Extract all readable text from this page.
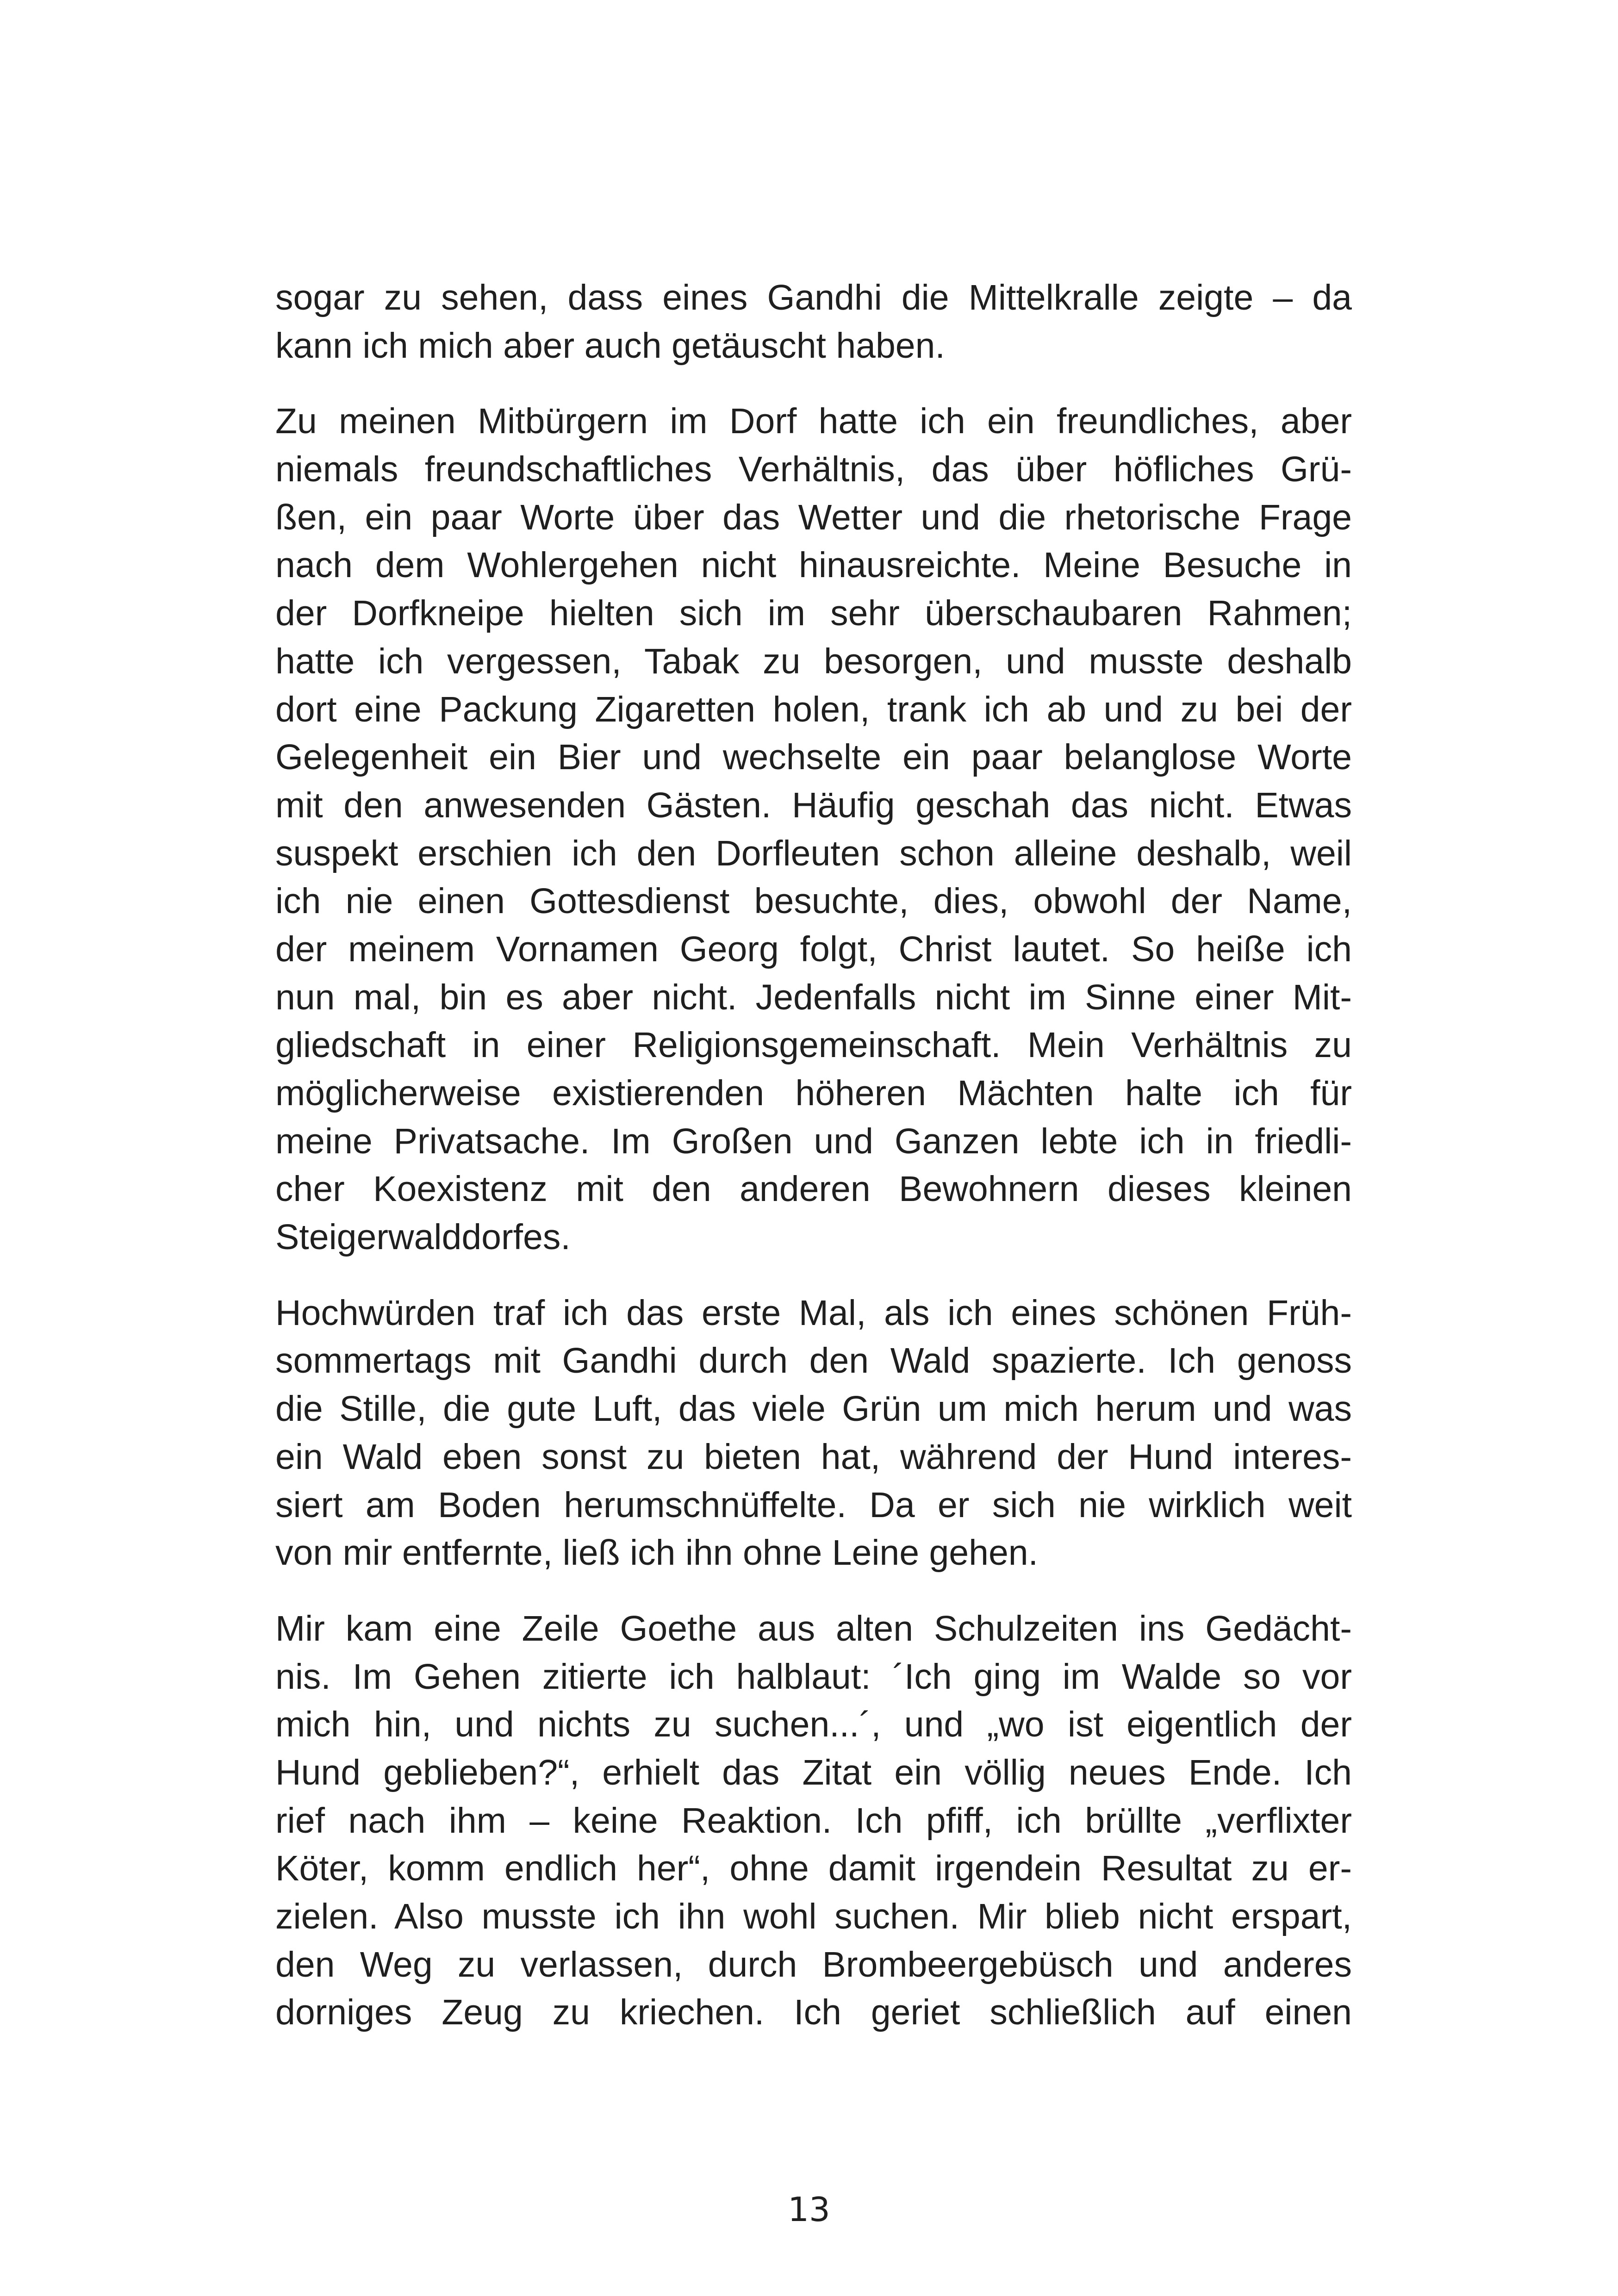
sogar zu sehen, dass eines Gandhi die Mittelkralle zeigte – da
kann ich mich aber auch getäuscht haben.
Zu meinen Mitbürgern im Dorf hatte ich ein freundliches, aber
niemals freundschaftliches Verhältnis, das über höfliches Grü-
ßen, ein paar Worte über das Wetter und die rhetorische Frage
nach dem Wohlergehen nicht hinausreichte. Meine Besuche in
der Dorfkneipe hielten sich im sehr überschaubaren Rahmen;
hatte ich vergessen, Tabak zu besorgen, und musste deshalb
dort eine Packung Zigaretten holen, trank ich ab und zu bei der
Gelegenheit ein Bier und wechselte ein paar belanglose Worte
mit den anwesenden Gästen. Häufig geschah das nicht. Etwas
suspekt erschien ich den Dorfleuten schon alleine deshalb, weil
ich nie einen Gottesdienst besuchte, dies, obwohl der Name,
der meinem Vornamen Georg folgt, Christ lautet. So heiße ich
nun mal, bin es aber nicht. Jedenfalls nicht im Sinne einer Mit-
gliedschaft in einer Religionsgemeinschaft. Mein Verhältnis zu
möglicherweise existierenden höheren Mächten halte ich für
meine Privatsache. Im Großen und Ganzen lebte ich in friedli-
cher Koexistenz mit den anderen Bewohnern dieses kleinen
Steigerwalddorfes.
Hochwürden traf ich das erste Mal, als ich eines schönen Früh-
sommertags mit Gandhi durch den Wald spazierte. Ich genoss
die Stille, die gute Luft, das viele Grün um mich herum und was
ein Wald eben sonst zu bieten hat, während der Hund interes-
siert am Boden herumschnüffelte. Da er sich nie wirklich weit
von mir entfernte, ließ ich ihn ohne Leine gehen.
Mir kam eine Zeile Goethe aus alten Schulzeiten ins Gedächt-
nis. Im Gehen zitierte ich halblaut: ´Ich ging im Walde so vor
mich hin, und nichts zu suchen...´, und „wo ist eigentlich der
Hund geblieben?“, erhielt das Zitat ein völlig neues Ende. Ich
rief nach ihm – keine Reaktion. Ich pfiff, ich brüllte „verflixter
Köter, komm endlich her“, ohne damit irgendein Resultat zu er-
zielen. Also musste ich ihn wohl suchen. Mir blieb nicht erspart,
den Weg zu verlassen, durch Brombeergebüsch und anderes
dorniges Zeug zu kriechen. Ich geriet schließlich auf einen
13
